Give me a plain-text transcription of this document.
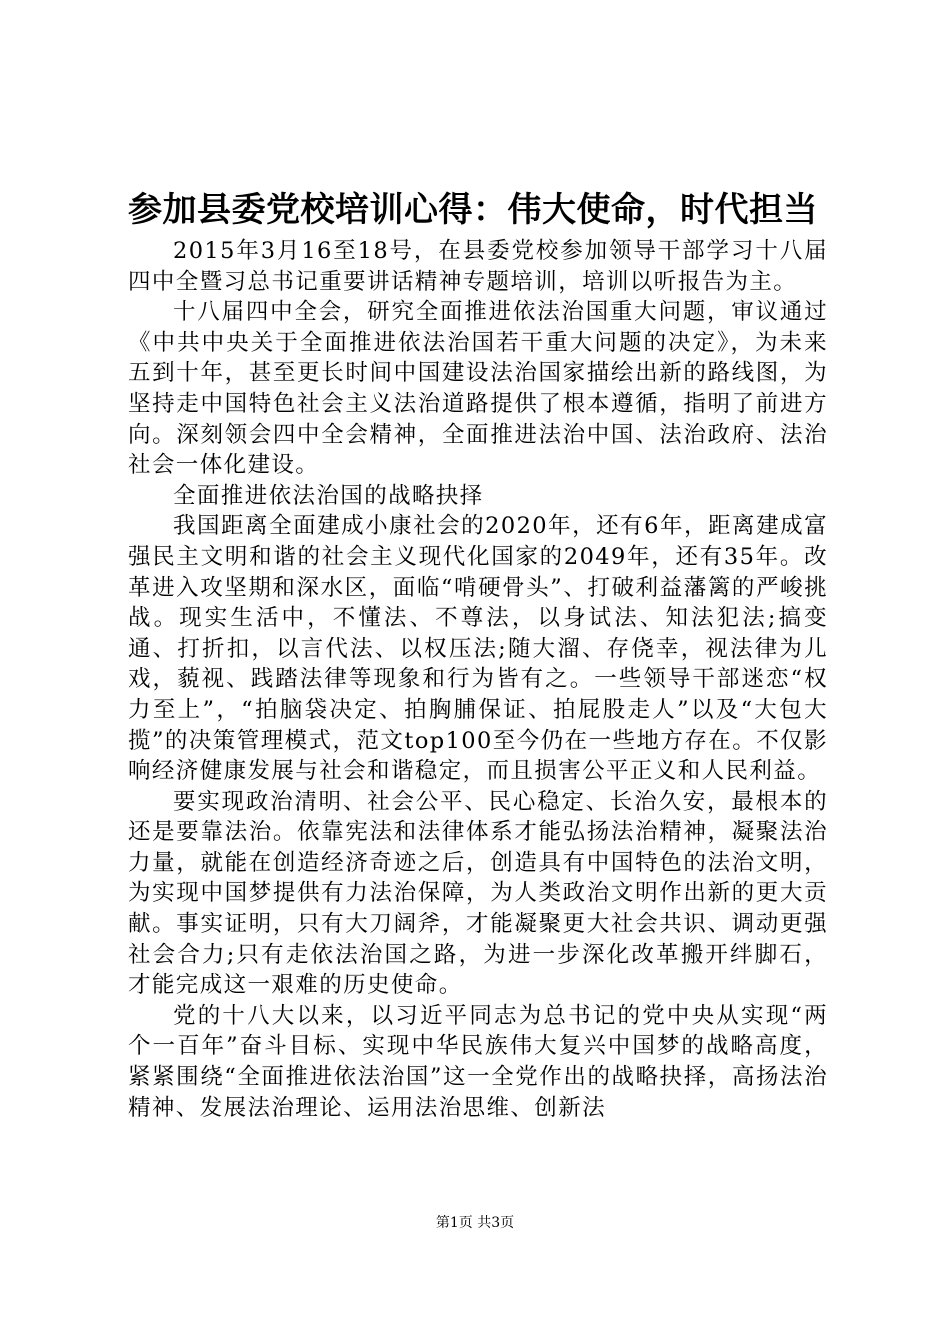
参加县委党校培训心得：伟大使命，时代担当

2015年3月16至18号，在县委党校参加领导干部学习十八届四中全暨习总书记重要讲话精神专题培训，培训以听报告为主。

十八届四中全会，研究全面推进依法治国重大问题，审议通过《中共中央关于全面推进依法治国若干重大问题的决定》，为未来五到十年，甚至更长时间中国建设法治国家描绘出新的路线图，为坚持走中国特色社会主义法治道路提供了根本遵循，指明了前进方向。深刻领会四中全会精神，全面推进法治中国、法治政府、法治社会一体化建设。

全面推进依法治国的战略抉择

我国距离全面建成小康社会的2020年，还有6年，距离建成富强民主文明和谐的社会主义现代化国家的2049年，还有35年。改革进入攻坚期和深水区，面临“啃硬骨头”、打破利益藩篱的严峻挑战。现实生活中，不懂法、不尊法，以身试法、知法犯法;搞变通、打折扣，以言代法、以权压法;随大溜、存侥幸，视法律为儿戏，藐视、践踏法律等现象和行为皆有之。一些领导干部迷恋“权力至上”，“拍脑袋决定、拍胸脯保证、拍屁股走人”以及“大包大揽”的决策管理模式，范文top100至今仍在一些地方存在。不仅影响经济健康发展与社会和谐稳定，而且损害公平正义和人民利益。

要实现政治清明、社会公平、民心稳定、长治久安，最根本的还是要靠法治。依靠宪法和法律体系才能弘扬法治精神，凝聚法治力量，就能在创造经济奇迹之后，创造具有中国特色的法治文明，为实现中国梦提供有力法治保障，为人类政治文明作出新的更大贡献。事实证明，只有大刀阔斧，才能凝聚更大社会共识、调动更强社会合力;只有走依法治国之路，为进一步深化改革搬开绊脚石，才能完成这一艰难的历史使命。

党的十八大以来，以习近平同志为总书记的党中央从实现“两个一百年”奋斗目标、实现中华民族伟大复兴中国梦的战略高度，紧紧围绕“全面推进依法治国”这一全党作出的战略抉择，高扬法治精神、发展法治理论、运用法治思维、创新法

第1页 共3页
